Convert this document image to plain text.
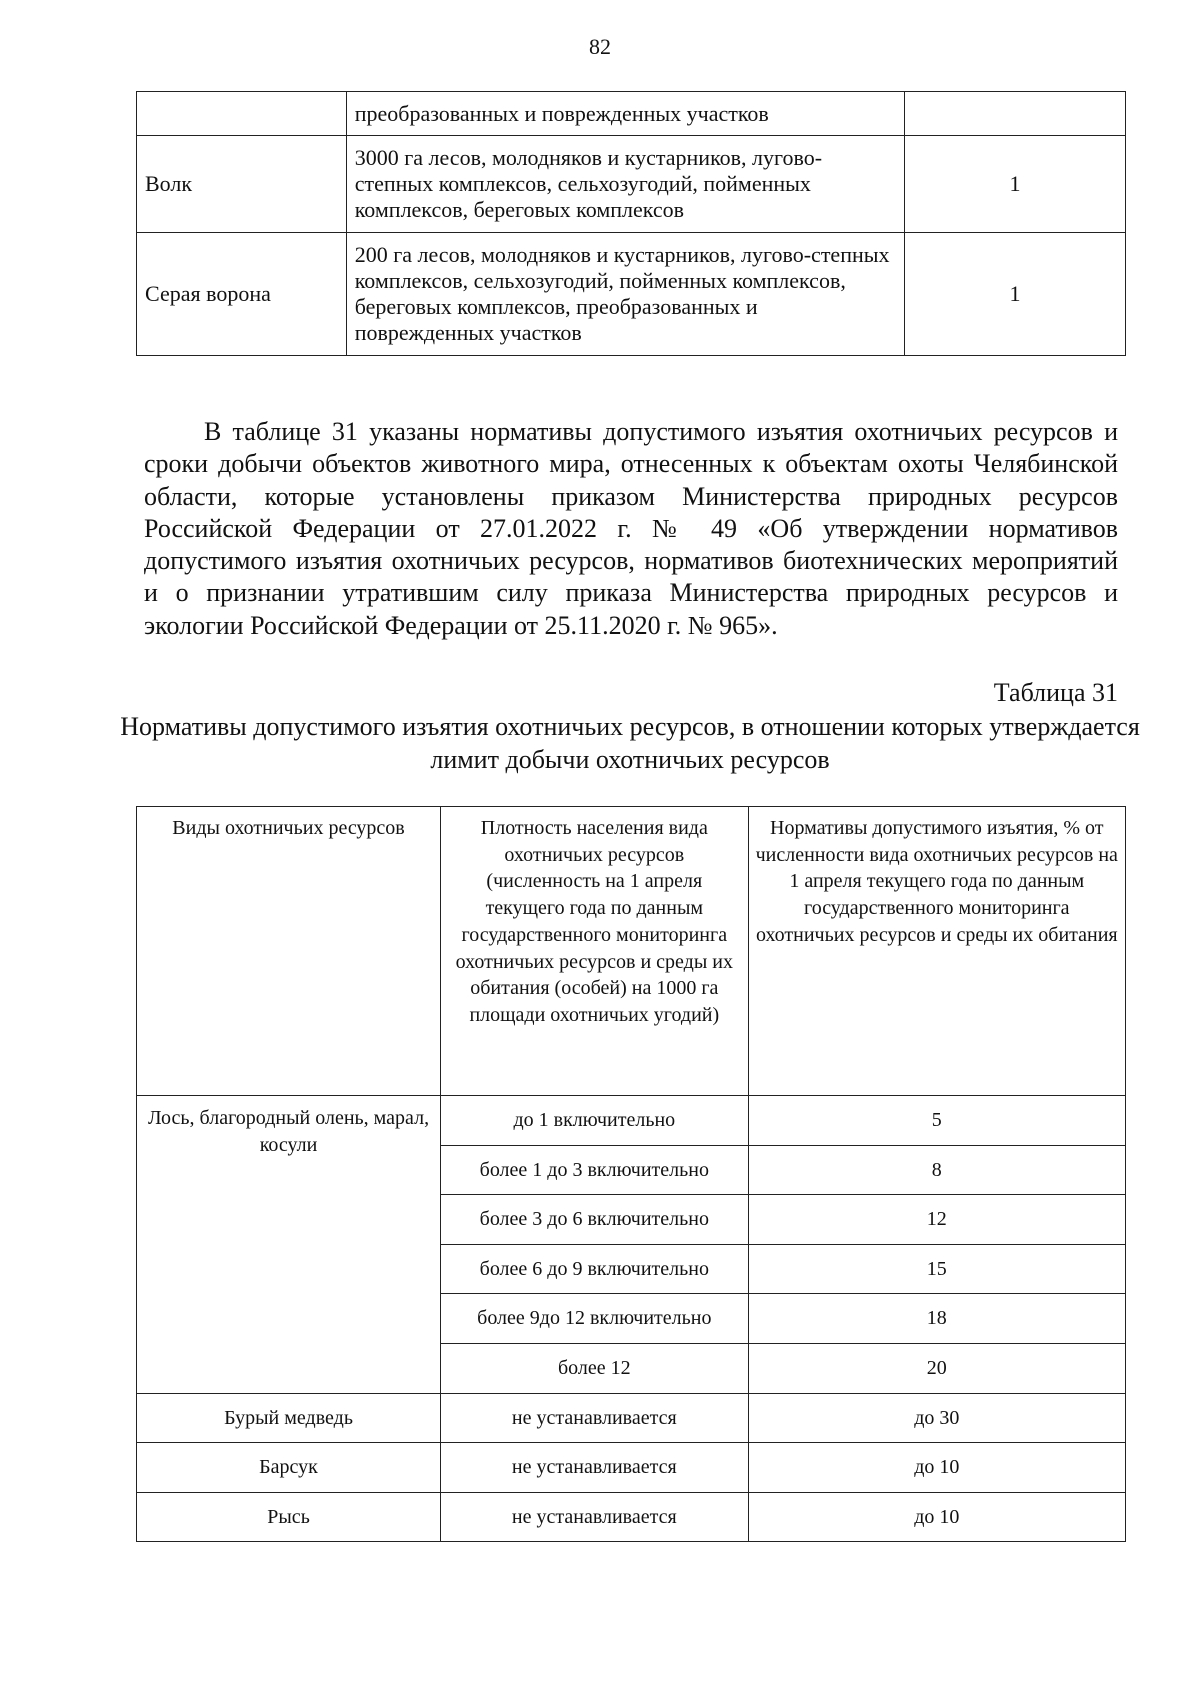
82
	преобразованных и поврежденных участков	
Волк	3000 га лесов, молодняков и кустарников, лугово-степных комплексов, сельхозугодий, пойменных комплексов, береговых комплексов	1
Серая ворона	200 га лесов, молодняков и кустарников, лугово-степных комплексов, сельхозугодий, пойменных комплексов, береговых комплексов, преобразованных и поврежденных участков	1

В таблице 31 указаны нормативы допустимого изъятия охотничьих ресурсов и сроки добычи объектов животного мира, отнесенных к объектам охоты Челябинской области, которые установлены приказом Министерства природных ресурсов Российской Федерации от 27.01.2022 г. № 49 «Об утверждении нормативов допустимого изъятия охотничьих ресурсов, нормативов биотехнических мероприятий и о признании утратившим силу приказа Министерства природных ресурсов и экологии Российской Федерации от 25.11.2020 г. № 965».

Таблица 31
Нормативы допустимого изъятия охотничьих ресурсов, в отношении которых утверждается лимит добычи охотничьих ресурсов
Виды охотничьих ресурсов	Плотность населения вида охотничьих ресурсов (численность на 1 апреля текущего года по данным государственного мониторинга охотничьих ресурсов и среды их обитания (особей) на 1000 га площади охотничьих угодий)	Нормативы допустимого изъятия, % от численности вида охотничьих ресурсов на 1 апреля текущего года по данным государственного мониторинга охотничьих ресурсов и среды их обитания
Лось, благородный олень, марал, косули	до 1 включительно	5
	более 1 до 3 включительно	8
	более 3 до 6 включительно	12
	более 6 до 9 включительно	15
	более 9до 12 включительно	18
	более 12	20
Бурый медведь	не устанавливается	до 30
Барсук	не устанавливается	до 10
Рысь	не устанавливается	до 10
